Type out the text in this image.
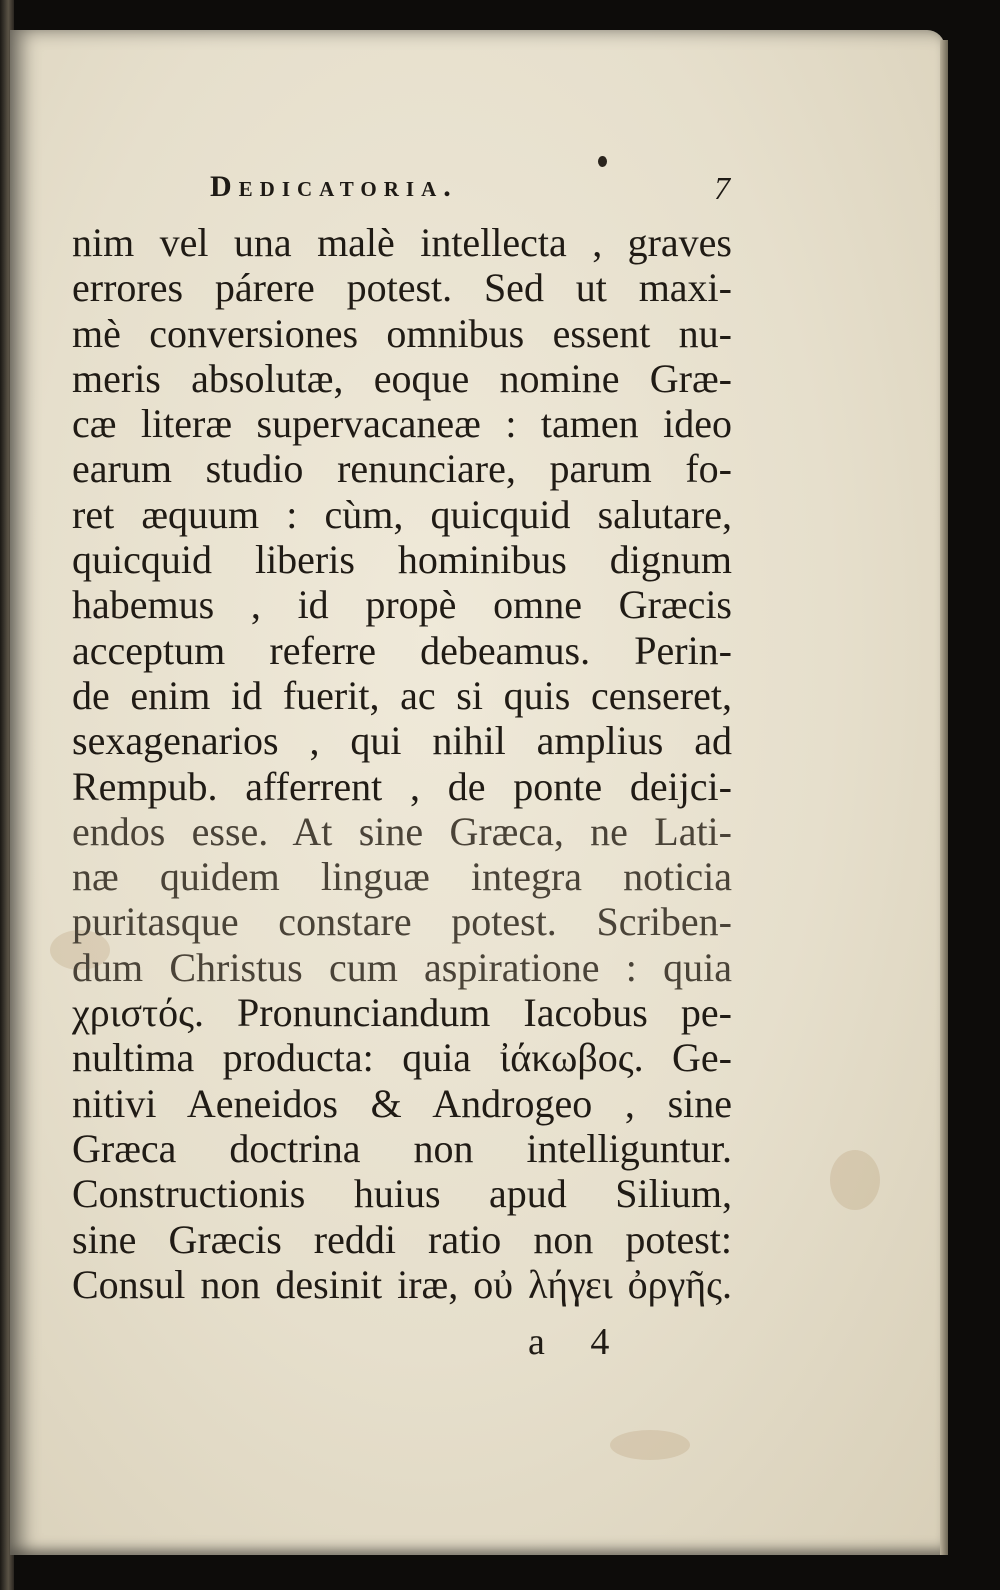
Dedicatoria.	7
nim vel una malè intellecta , graves
errores párere potest. Sed ut maxi-
mè conversiones omnibus essent nu-
meris absolutæ, eoque nomine Græ-
cæ literæ supervacaneæ : tamen ideo
earum studio renunciare, parum fo-
ret æquum : cùm, quicquid salutare,
quicquid liberis hominibus dignum
habemus , id propè omne Græcis
acceptum referre debeamus. Perin-
de enim id fuerit, ac si quis censeret,
sexagenarios , qui nihil amplius ad
Rempub. afferrent , de ponte deijci-
endos esse. At sine Græca, ne Lati-
næ quidem linguæ integra noticia
puritasque constare potest. Scriben-
dum Christus cum aspiratione : quia
χριστός. Pronunciandum Iacobus pe-
nultima producta: quia ἰάκωβος. Ge-
nitivi Aeneidos & Androgeo , sine
Græca doctrina non intelliguntur.
Constructionis huius apud Silium,
sine Græcis reddi ratio non potest:
Consul non desinit iræ, οὐ λήγει ὀργῆς.
a 4
